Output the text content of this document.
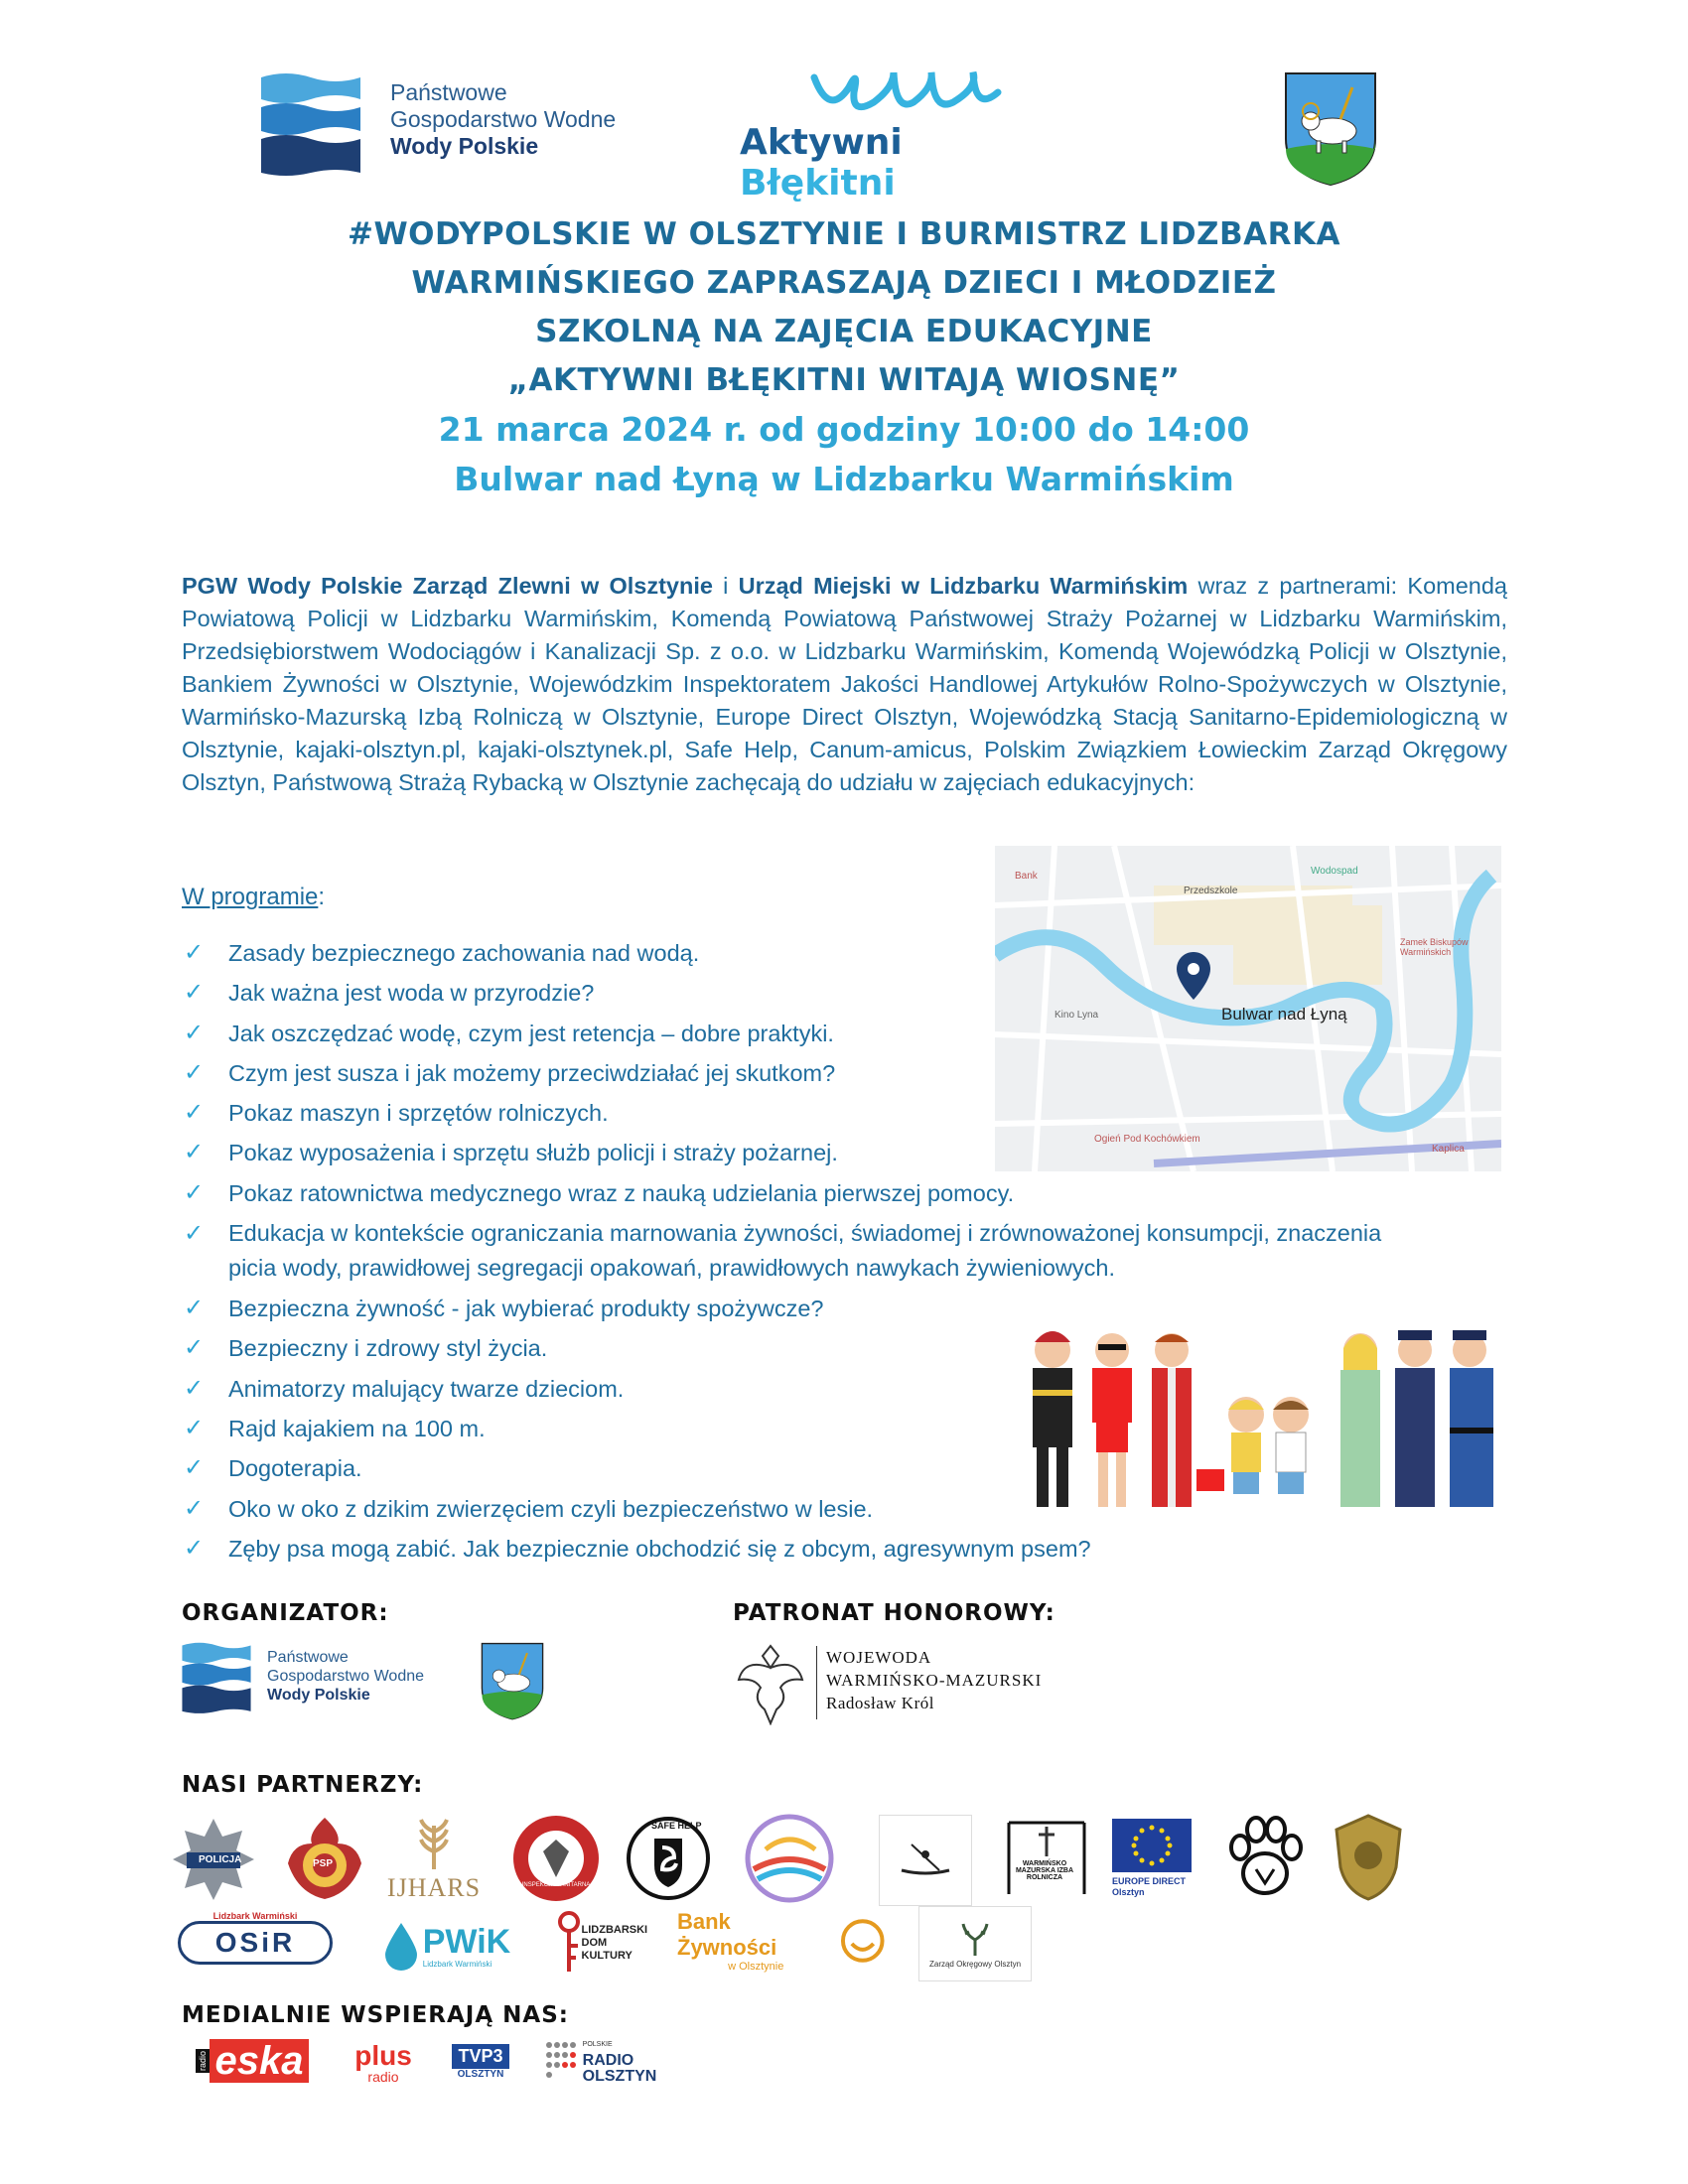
Państwowe
Gospodarstwo Wodne
Wody Polskie	Aktywni Błękitni
#WODYPOLSKIE W OLSZTYNIE I BURMISTRZ LIDZBARKA
WARMIŃSKIEGO ZAPRASZAJĄ DZIECI I MŁODZIEŻ
SZKOLNĄ NA ZAJĘCIA EDUKACYJNE
„AKTYWNI BŁĘKITNI WITAJĄ WIOSNĘ”
21 marca 2024 r. od godziny 10:00 do 14:00
Bulwar nad Łyną w Lidzbarku Warmińskim
PGW Wody Polskie Zarząd Zlewni w Olsztynie i Urząd Miejski w Lidzbarku Warmińskim wraz z partnerami: Komendą Powiatową Policji w Lidzbarku Warmińskim, Komendą Powiatową Państwowej Straży Pożarnej w Lidzbarku Warmińskim, Przedsiębiorstwem Wodociągów i Kanalizacji Sp. z o.o. w Lidzbarku Warmińskim, Komendą Wojewódzką Policji w Olsztynie, Bankiem Żywności w Olsztynie, Wojewódzkim Inspektoratem Jakości Handlowej Artykułów Rolno-Spożywczych w Olsztynie, Warmińsko-Mazurską Izbą Rolniczą w Olsztynie, Europe Direct Olsztyn, Wojewódzką Stacją Sanitarno-Epidemiologiczną w Olsztynie, kajaki-olsztyn.pl, kajaki-olsztynek.pl, Safe Help, Canum-amicus, Polskim Związkiem Łowieckim Zarząd Okręgowy Olsztyn, Państwową Strażą Rybacką w Olsztynie zachęcają do udziału w zajęciach edukacyjnych:
Wodospad
Ogień Pod Kochówkiem
Zamek Biskupów Warmińskich
Kino Lyna
Kaplica
Przedszkole
Bank
Bulwar nad Łyną
W programie:
✓ Zasady bezpiecznego zachowania nad wodą.
✓ Jak ważna jest woda w przyrodzie?
✓ Jak oszczędzać wodę, czym jest retencja – dobre praktyki.
✓ Czym jest susza i jak możemy przeciwdziałać jej skutkom?
✓ Pokaz maszyn i sprzętów rolniczych.
✓ Pokaz wyposażenia i sprzętu służb policji i straży pożarnej.
✓ Pokaz ratownictwa medycznego wraz z nauką udzielania pierwszej pomocy.
✓ Edukacja w kontekście ograniczania marnowania żywności, świadomej i zrównoważonej konsumpcji, znaczenia picia wody, prawidłowej segregacji opakowań, prawidłowych nawykach żywieniowych.
✓ Bezpieczna żywność - jak wybierać produkty spożywcze?
✓ Bezpieczny i zdrowy styl życia.
✓ Animatorzy malujący twarze dzieciom.
✓ Rajd kajakiem na 100 m.
✓ Dogoterapia.
✓ Oko w oko z dzikim zwierzęciem czyli bezpieczeństwo w lesie.
✓ Zęby psa mogą zabić. Jak bezpiecznie obchodzić się z obcym, agresywnym psem?
ORGANIZATOR:
Państwowe
Gospodarstwo Wodne
Wody Polskie
PATRONAT HONOROWY:
WOJEWODA
WARMIŃSKO-MAZURSKI
Radosław Król
NASI PARTNERZY:
POLICJA	PSP
IJHARS	INSPEKCJA SANITARNA
SAFE HELP
WARMIŃSKO MAZURSKA IZBA ROLNICZA	EUROPE DIRECT Olsztyn
Lidzbark Warmiński
OSiR	PWiK
Lidzbark Warmiński
LIDZBARSKI DOM KULTURY
Bank Żywności
w Olsztynie	Zarząd Okręgowy Olsztyn
MEDIALNIE WSPIERAJĄ NAS:
radio eska plus
radio
TVP3
OLSZTYN
POLSKIE
RADIO
OLSZTYN
